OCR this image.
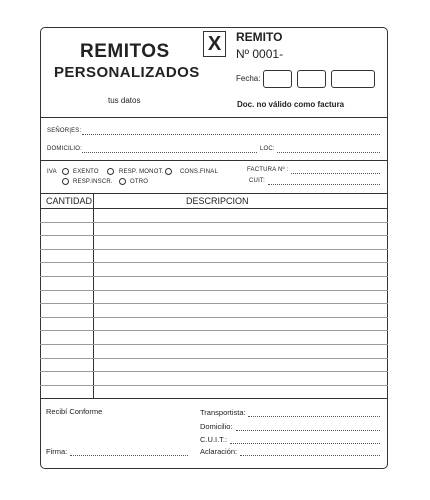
REMITOS
PERSONALIZADOS
tus datos
X REMITO
Nº 0001-
Fecha:
Doc. no válido como factura
SEÑOR|ES:
DOMICILIO:	LOC:
IVA	EXENTO	RESP. MONOT.	CONS.FINAL
RESP.INSCR.	OTRO
FACTURA Nº :
CUIT:
CANTIDAD	DESCRIPCION
Recibí Conforme
Firma:
Transportista:
Domicilio:
C.U.I.T.:
Aclaración:
